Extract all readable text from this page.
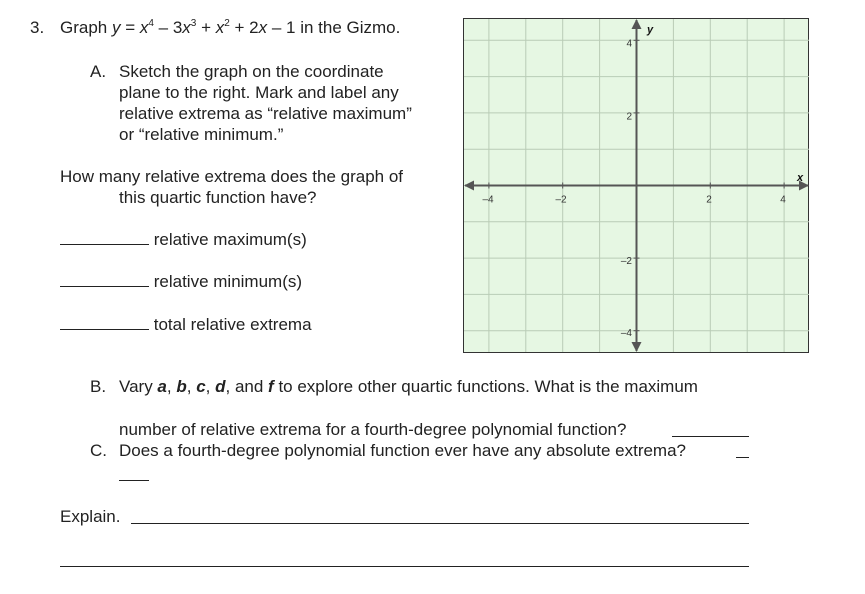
3. Graph $y = x^4 - 3x^3 + x^2 + 2x - 1$ in the Gizmo.
A. Sketch the graph on the coordinate
plane to the right. Mark and label any
relative extrema as “relative maximum”
or “relative minimum.”
How many relative extrema does the graph of
this quartic function have?
relative maximum(s)
relative minimum(s)
total relative extrema
B. Vary a, b, c, d, and f to explore other quartic functions. What is the maximum
number of relative extrema for a fourth-degree polynomial function?
C. Does a fourth-degree polynomial function ever have any absolute extrema?
Explain.
–4	–2	2	4
4
2
–2
–4
x
y
